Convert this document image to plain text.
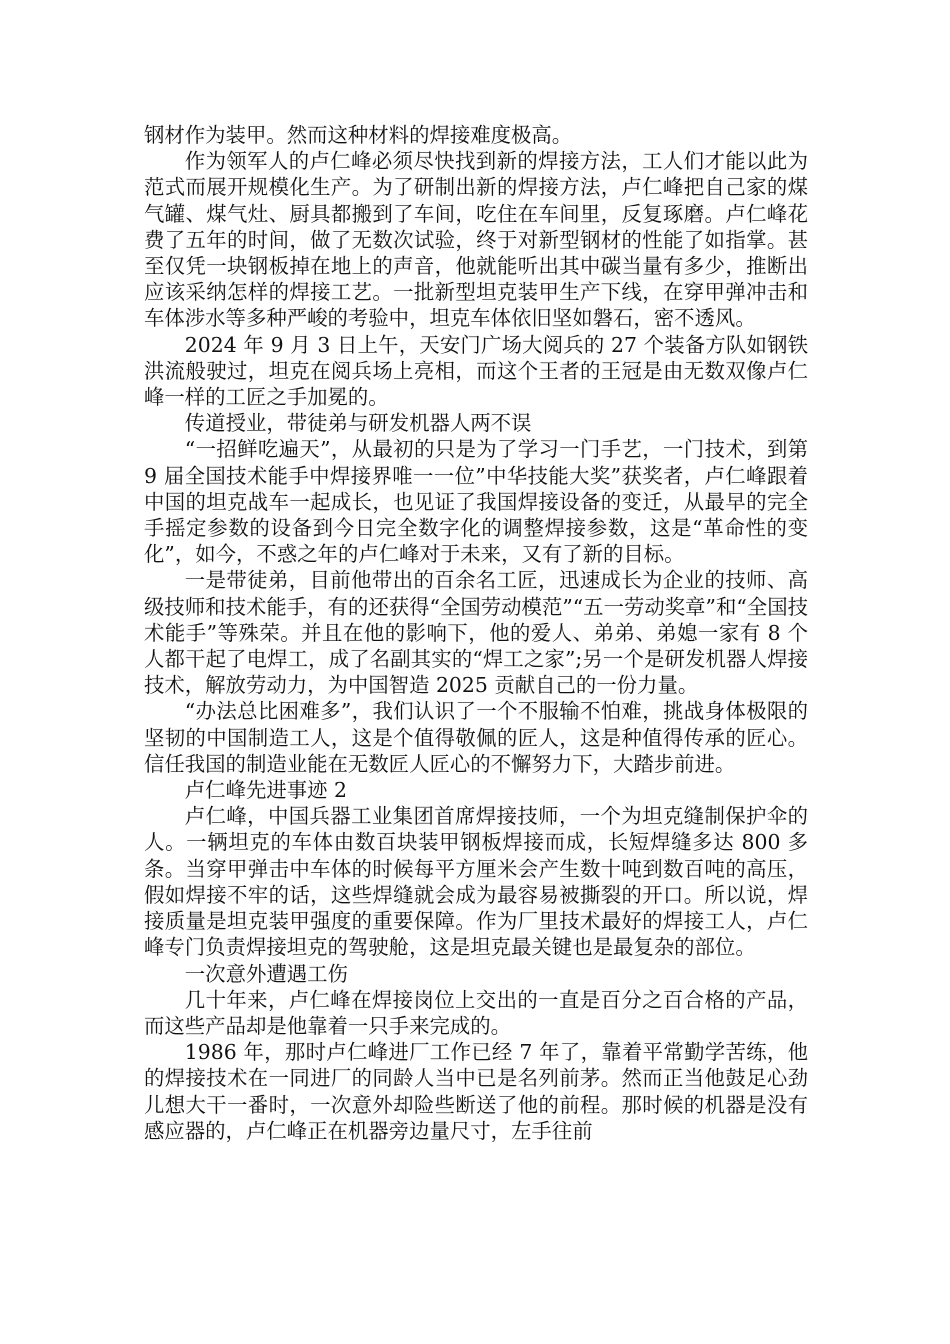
钢材作为装甲。然而这种材料的焊接难度极高。

作为领军人的卢仁峰必须尽快找到新的焊接方法，工人们才能以此为范式而展开规模化生产。为了研制出新的焊接方法，卢仁峰把自己家的煤气罐、煤气灶、厨具都搬到了车间，吃住在车间里，反复琢磨。卢仁峰花费了五年的时间，做了无数次试验，终于对新型钢材的性能了如指掌。甚至仅凭一块钢板掉在地上的声音，他就能听出其中碳当量有多少，推断出应该采纳怎样的焊接工艺。一批新型坦克装甲生产下线，在穿甲弹冲击和车体涉水等多种严峻的考验中，坦克车体依旧坚如磐石，密不透风。

2024 年 9 月 3 日上午，天安门广场大阅兵的 27 个装备方队如钢铁洪流般驶过，坦克在阅兵场上亮相，而这个王者的王冠是由无数双像卢仁峰一样的工匠之手加冕的。

传道授业，带徒弟与研发机器人两不误

“一招鲜吃遍天”，从最初的只是为了学习一门手艺，一门技术，到第 9 届全国技术能手中焊接界唯一一位”中华技能大奖”获奖者，卢仁峰跟着中国的坦克战车一起成长，也见证了我国焊接设备的变迁，从最早的完全手摇定参数的设备到今日完全数字化的调整焊接参数，这是“革命性的变化”，如今，不惑之年的卢仁峰对于未来，又有了新的目标。

一是带徒弟，目前他带出的百余名工匠，迅速成长为企业的技师、高级技师和技术能手，有的还获得“全国劳动模范”“五一劳动奖章”和“全国技术能手”等殊荣。并且在他的影响下，他的爱人、弟弟、弟媳一家有 8 个人都干起了电焊工，成了名副其实的“焊工之家”;另一个是研发机器人焊接技术，解放劳动力，为中国智造 2025 贡献自己的一份力量。

“办法总比困难多”，我们认识了一个不服输不怕难，挑战身体极限的坚韧的中国制造工人，这是个值得敬佩的匠人，这是种值得传承的匠心。信任我国的制造业能在无数匠人匠心的不懈努力下，大踏步前进。

卢仁峰先进事迹 2

卢仁峰，中国兵器工业集团首席焊接技师，一个为坦克缝制保护伞的人。一辆坦克的车体由数百块装甲钢板焊接而成，长短焊缝多达 800 多条。当穿甲弹击中车体的时候每平方厘米会产生数十吨到数百吨的高压，假如焊接不牢的话，这些焊缝就会成为最容易被撕裂的开口。所以说，焊接质量是坦克装甲强度的重要保障。作为厂里技术最好的焊接工人，卢仁峰专门负责焊接坦克的驾驶舱，这是坦克最关键也是最复杂的部位。

一次意外遭遇工伤

几十年来，卢仁峰在焊接岗位上交出的一直是百分之百合格的产品，而这些产品却是他靠着一只手来完成的。

1986 年，那时卢仁峰进厂工作已经 7 年了，靠着平常勤学苦练，他的焊接技术在一同进厂的同龄人当中已是名列前茅。然而正当他鼓足心劲儿想大干一番时，一次意外却险些断送了他的前程。那时候的机器是没有感应器的，卢仁峰正在机器旁边量尺寸，左手往前
